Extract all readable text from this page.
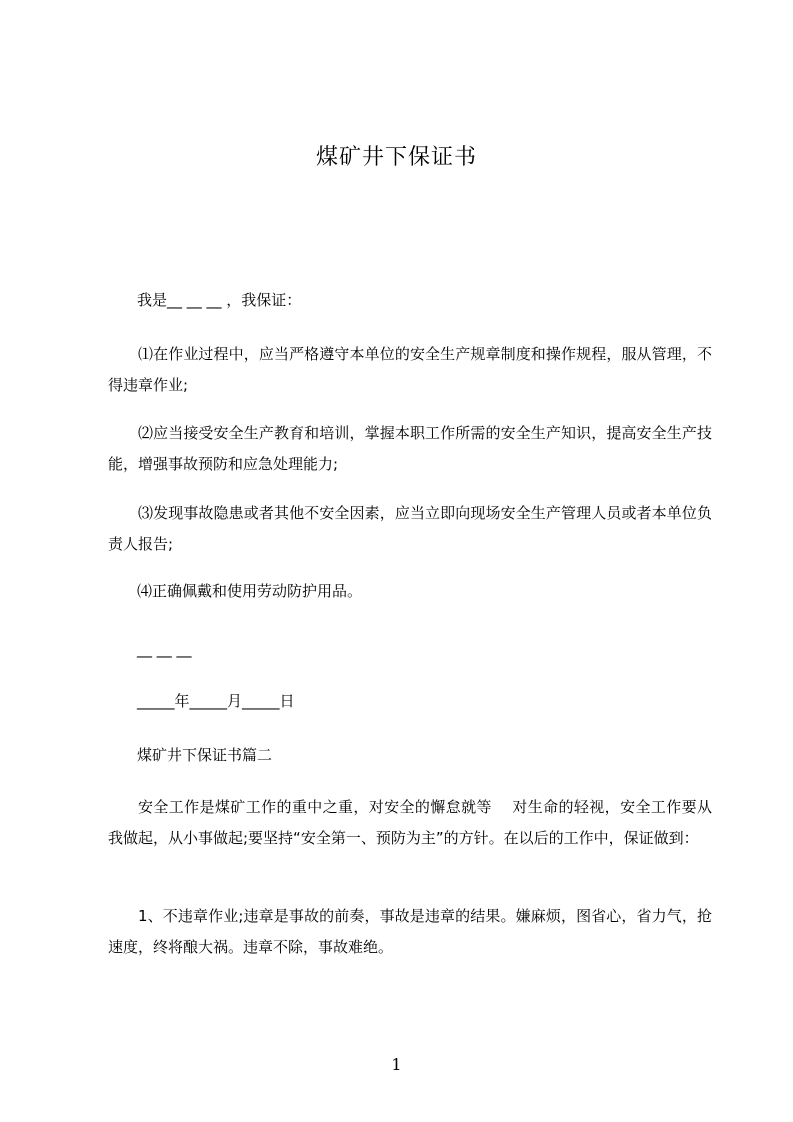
煤矿井下保证书
我是__ __ __ ，我保证：
⑴在作业过程中，应当严格遵守本单位的安全生产规章制度和操作规程，服从管理，不得违章作业;
⑵应当接受安全生产教育和培训，掌握本职工作所需的安全生产知识，提高安全生产技能，增强事故预防和应急处理能力;
⑶发现事故隐患或者其他不安全因素，应当立即向现场安全生产管理人员或者本单位负责人报告;
⑷正确佩戴和使用劳动防护用品。
__ __ __
_____年_____月_____日
煤矿井下保证书篇二
安全工作是煤矿工作的重中之重，对安全的懈怠就等　 对生命的轻视，安全工作要从我做起，从小事做起;要坚持“安全第一、预防为主”的方针。在以后的工作中，保证做到：
1、不违章作业;违章是事故的前奏，事故是违章的结果。嫌麻烦，图省心，省力气，抢速度，终将酿大祸。违章不除，事故难绝。
1
